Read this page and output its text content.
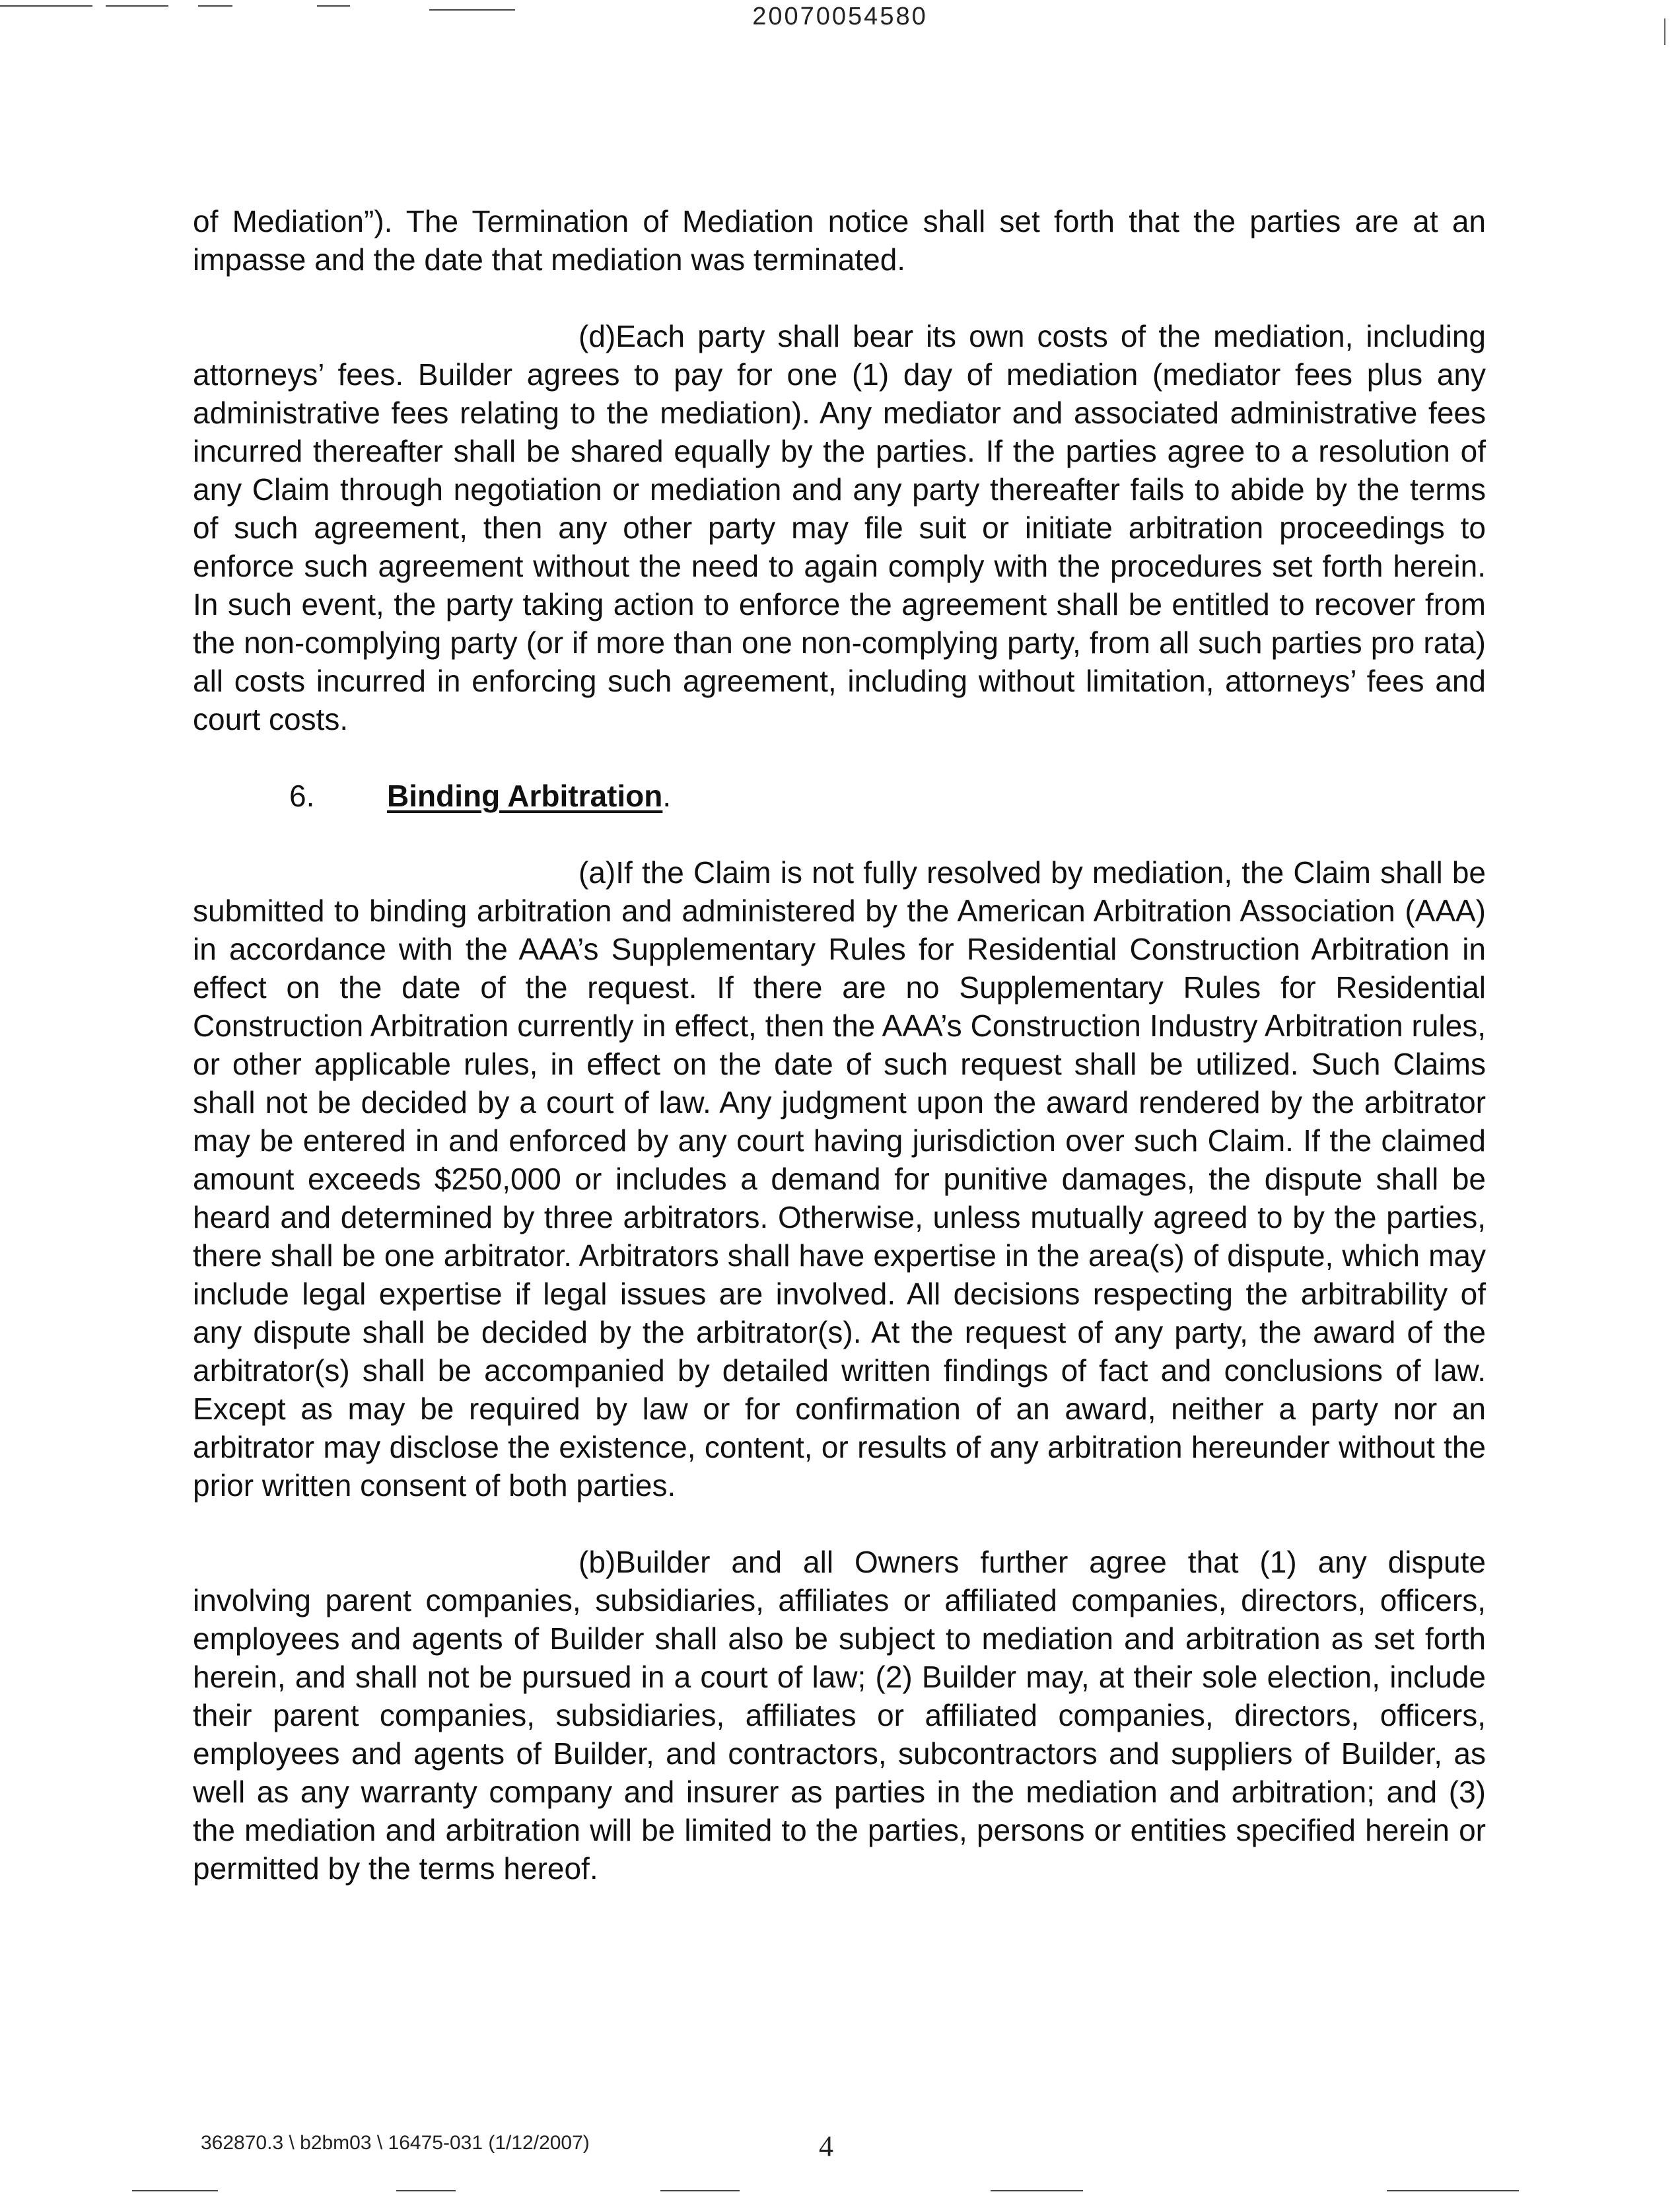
20070054580

of Mediation”). The Termination of Mediation notice shall set forth that the parties are at an impasse and the date that mediation was terminated.

(d)Each party shall bear its own costs of the mediation, including attorneys’ fees. Builder agrees to pay for one (1) day of mediation (mediator fees plus any administrative fees relating to the mediation). Any mediator and associated administrative fees incurred thereafter shall be shared equally by the parties. If the parties agree to a resolution of any Claim through negotiation or mediation and any party thereafter fails to abide by the terms of such agreement, then any other party may file suit or initiate arbitration proceedings to enforce such agreement without the need to again comply with the procedures set forth herein. In such event, the party taking action to enforce the agreement shall be entitled to recover from the non-complying party (or if more than one non-complying party, from all such parties pro rata) all costs incurred in enforcing such agreement, including without limitation, attorneys’ fees and court costs.

6. Binding Arbitration.

(a)If the Claim is not fully resolved by mediation, the Claim shall be submitted to binding arbitration and administered by the American Arbitration Association (AAA) in accordance with the AAA’s Supplementary Rules for Residential Construction Arbitration in effect on the date of the request. If there are no Supplementary Rules for Residential Construction Arbitration currently in effect, then the AAA’s Construction Industry Arbitration rules, or other applicable rules, in effect on the date of such request shall be utilized. Such Claims shall not be decided by a court of law. Any judgment upon the award rendered by the arbitrator may be entered in and enforced by any court having jurisdiction over such Claim. If the claimed amount exceeds $250,000 or includes a demand for punitive damages, the dispute shall be heard and determined by three arbitrators. Otherwise, unless mutually agreed to by the parties, there shall be one arbitrator. Arbitrators shall have expertise in the area(s) of dispute, which may include legal expertise if legal issues are involved. All decisions respecting the arbitrability of any dispute shall be decided by the arbitrator(s). At the request of any party, the award of the arbitrator(s) shall be accompanied by detailed written findings of fact and conclusions of law. Except as may be required by law or for confirmation of an award, neither a party nor an arbitrator may disclose the existence, content, or results of any arbitration hereunder without the prior written consent of both parties.

(b)Builder and all Owners further agree that (1) any dispute involving parent companies, subsidiaries, affiliates or affiliated companies, directors, officers, employees and agents of Builder shall also be subject to mediation and arbitration as set forth herein, and shall not be pursued in a court of law; (2) Builder may, at their sole election, include their parent companies, subsidiaries, affiliates or affiliated companies, directors, officers, employees and agents of Builder, and contractors, subcontractors and suppliers of Builder, as well as any warranty company and insurer as parties in the mediation and arbitration; and (3) the mediation and arbitration will be limited to the parties, persons or entities specified herein or permitted by the terms hereof.

362870.3 \ b2bm03 \ 16475-031 (1/12/2007)	4
